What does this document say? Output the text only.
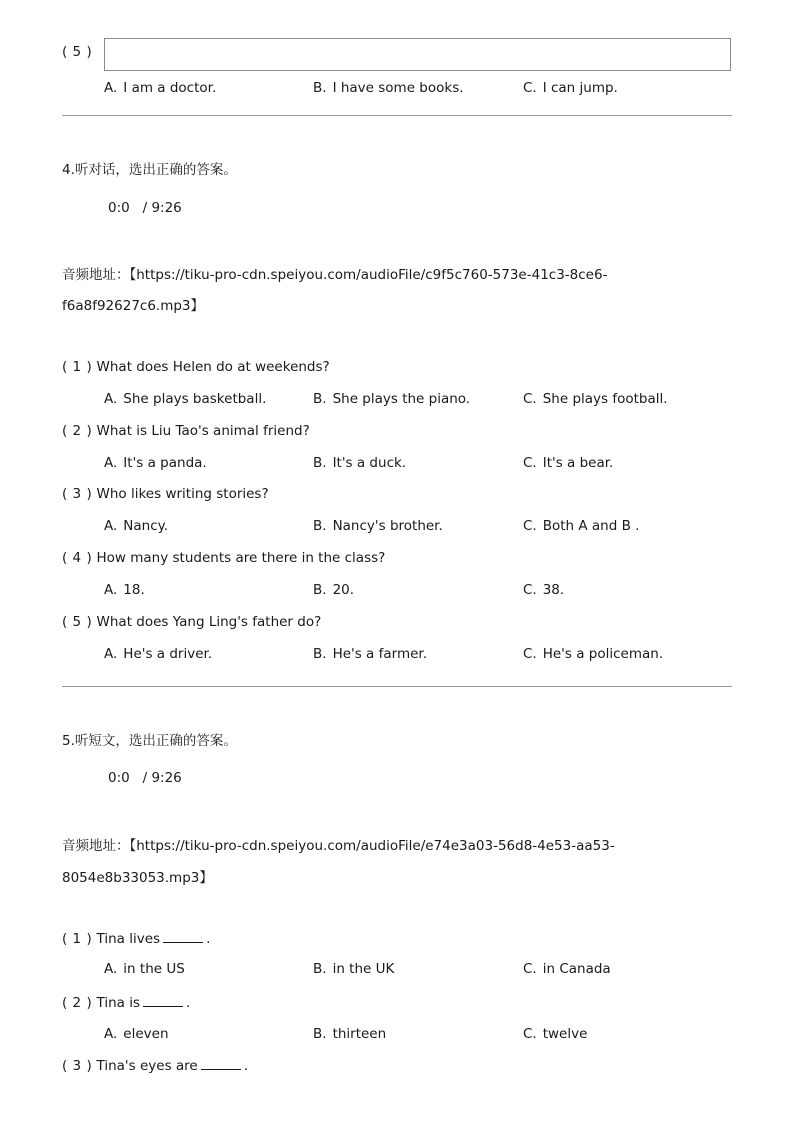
( 5 )
A. I am a doctor.	B. I have some books.	C. I can jump.
4.听对话，选出正确的答案。
0:0 / 9:26
音频地址：【https://tiku-pro-cdn.speiyou.com/audioFile/c9f5c760-573e-41c3-8ce6-
f6a8f92627c6.mp3】
( 1 ) What does Helen do at weekends?
A. She plays basketball.	B. She plays the piano.	C. She plays football.
( 2 ) What is Liu Tao's animal friend?
A. It's a panda.	B. It's a duck.	C. It's a bear.
( 3 ) Who likes writing stories?
A. Nancy.	B. Nancy's brother.	C. Both A and B .
( 4 ) How many students are there in the class?
A. 18.	B. 20.	C. 38.
( 5 ) What does Yang Ling's father do?
A. He's a driver.	B. He's a farmer.	C. He's a policeman.
5.听短文，选出正确的答案。
0:0 / 9:26
音频地址：【https://tiku-pro-cdn.speiyou.com/audioFile/e74e3a03-56d8-4e53-aa53-
8054e8b33053.mp3】
( 1 ) Tina lives	.
A. in the US	B. in the UK	C. in Canada
( 2 ) Tina is	.
A. eleven	B. thirteen	C. twelve
( 3 ) Tina's eyes are	.
